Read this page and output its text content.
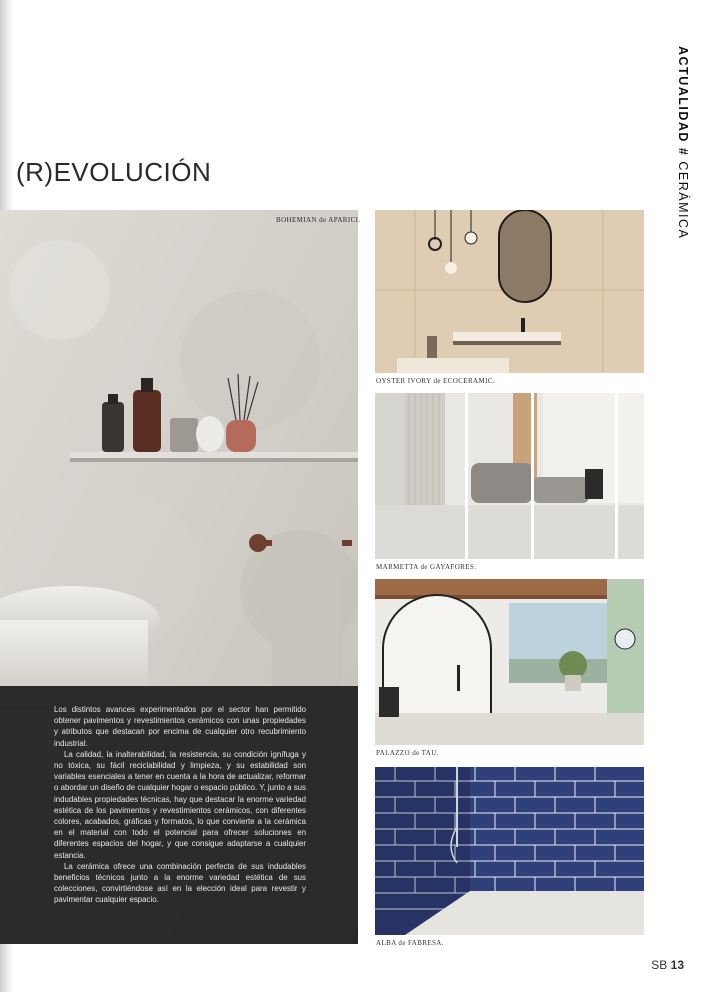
ACTUALIDAD # CERÁMICA
(R)EVOLUCIÓN
BOHEMIAN de APARICI.

Los distintos avances experimentados por el sector han permitido obtener pavimentos y revestimientos cerámicos con unas propiedades y atributos que destacan por encima de cualquier otro recubrimiento industrial.

La calidad, la inalterabilidad, la resistencia, su condición ignífuga y no tóxica, su fácil reciclabilidad y limpieza, y su estabilidad son variables esenciales a tener en cuenta a la hora de actualizar, reformar o abordar un diseño de cualquier hogar o espacio público. Y, junto a sus indudables propiedades técnicas, hay que destacar la enorme variedad estética de los pavimentos y revestimientos cerámicos, con diferentes colores, acabados, gráficas y formatos, lo que convierte a la cerámica en el material con todo el potencial para ofrecer soluciones en diferentes espacios del hogar, y que consigue adaptarse a cualquier estancia.

La cerámica ofrece una combinación perfecta de sus indudables beneficios técnicos junto a la enorme variedad estética de sus colecciones, convirtiéndose así en la elección ideal para revestir y pavimentar cualquier espacio.

OYSTER IVORY de ECOCERAMIC.
MARMETTA de GAYAFORES.
PALAZZO de TAU.
ALBA de FABRESA.
SB 13
